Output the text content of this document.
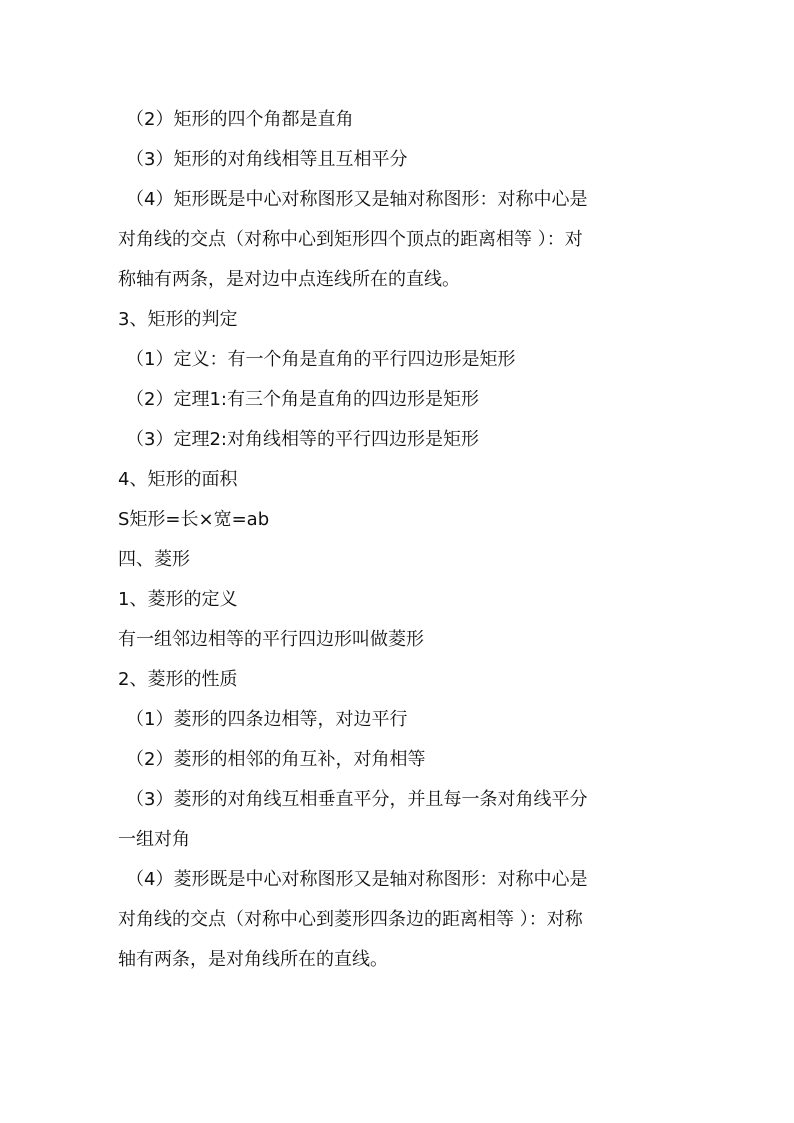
（2）矩形的四个角都是直角

（3）矩形的对角线相等且互相平分

（4）矩形既是中心对称图形又是轴对称图形：对称中心是

对角线的交点（对称中心到矩形四个顶点的距离相等 ）：对

称轴有两条，是对边中点连线所在的直线。

3、矩形的判定

（1）定义：有一个角是直角的平行四边形是矩形

（2）定理1:有三个角是直角的四边形是矩形

（3）定理2:对角线相等的平行四边形是矩形

4、矩形的面积

S矩形=长×宽=ab

四、菱形

1、菱形的定义

有一组邻边相等的平行四边形叫做菱形

2、菱形的性质

（1）菱形的四条边相等，对边平行

（2）菱形的相邻的角互补，对角相等

（3）菱形的对角线互相垂直平分，并且每一条对角线平分

一组对角

（4）菱形既是中心对称图形又是轴对称图形：对称中心是

对角线的交点（对称中心到菱形四条边的距离相等 ）：对称

轴有两条，是对角线所在的直线。
